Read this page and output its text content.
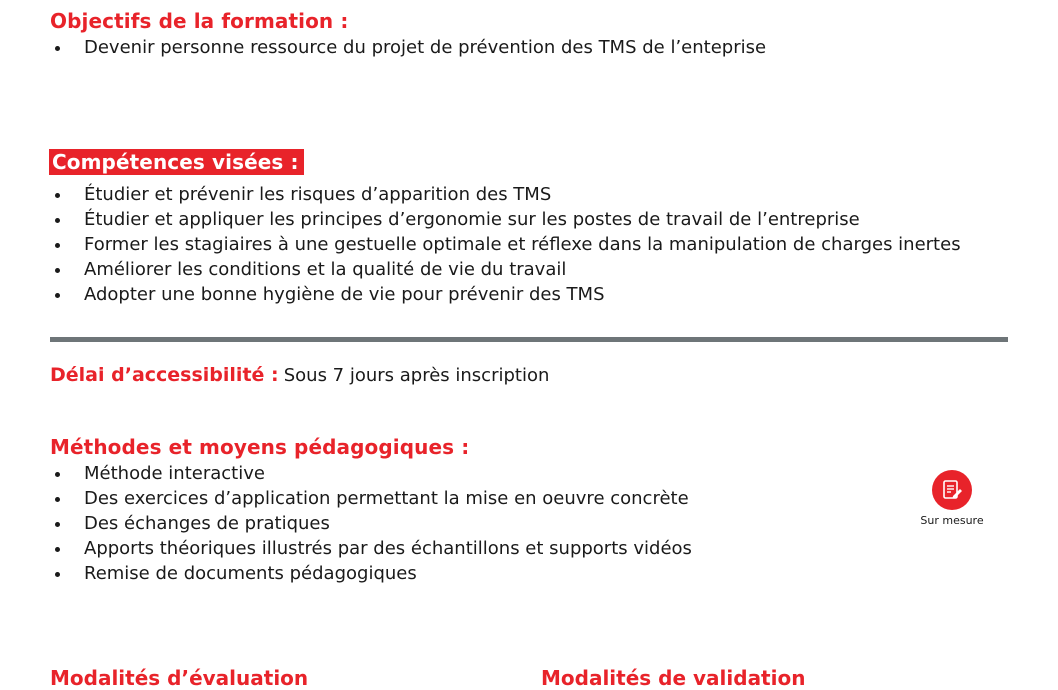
Objectifs de la formation :
Devenir personne ressource du projet de prévention des TMS de l’enteprise
Compétences visées :
Étudier et prévenir les risques d’apparition des TMS
Étudier et appliquer les principes d’ergonomie sur les postes de travail de l’entreprise
Former les stagiaires à une gestuelle optimale et réflexe dans la manipulation de charges inertes
Améliorer les conditions et la qualité de vie du travail
Adopter une bonne hygiène de vie pour prévenir des TMS
Délai d’accessibilité : Sous 7 jours après inscription
Méthodes et moyens pédagogiques :
Méthode interactive
Des exercices d’application permettant la mise en oeuvre concrète
Des échanges de pratiques
Apports théoriques illustrés par des échantillons et supports vidéos
Remise de documents pédagogiques
Sur mesure
Modalités d’évaluation	Modalités de validation
